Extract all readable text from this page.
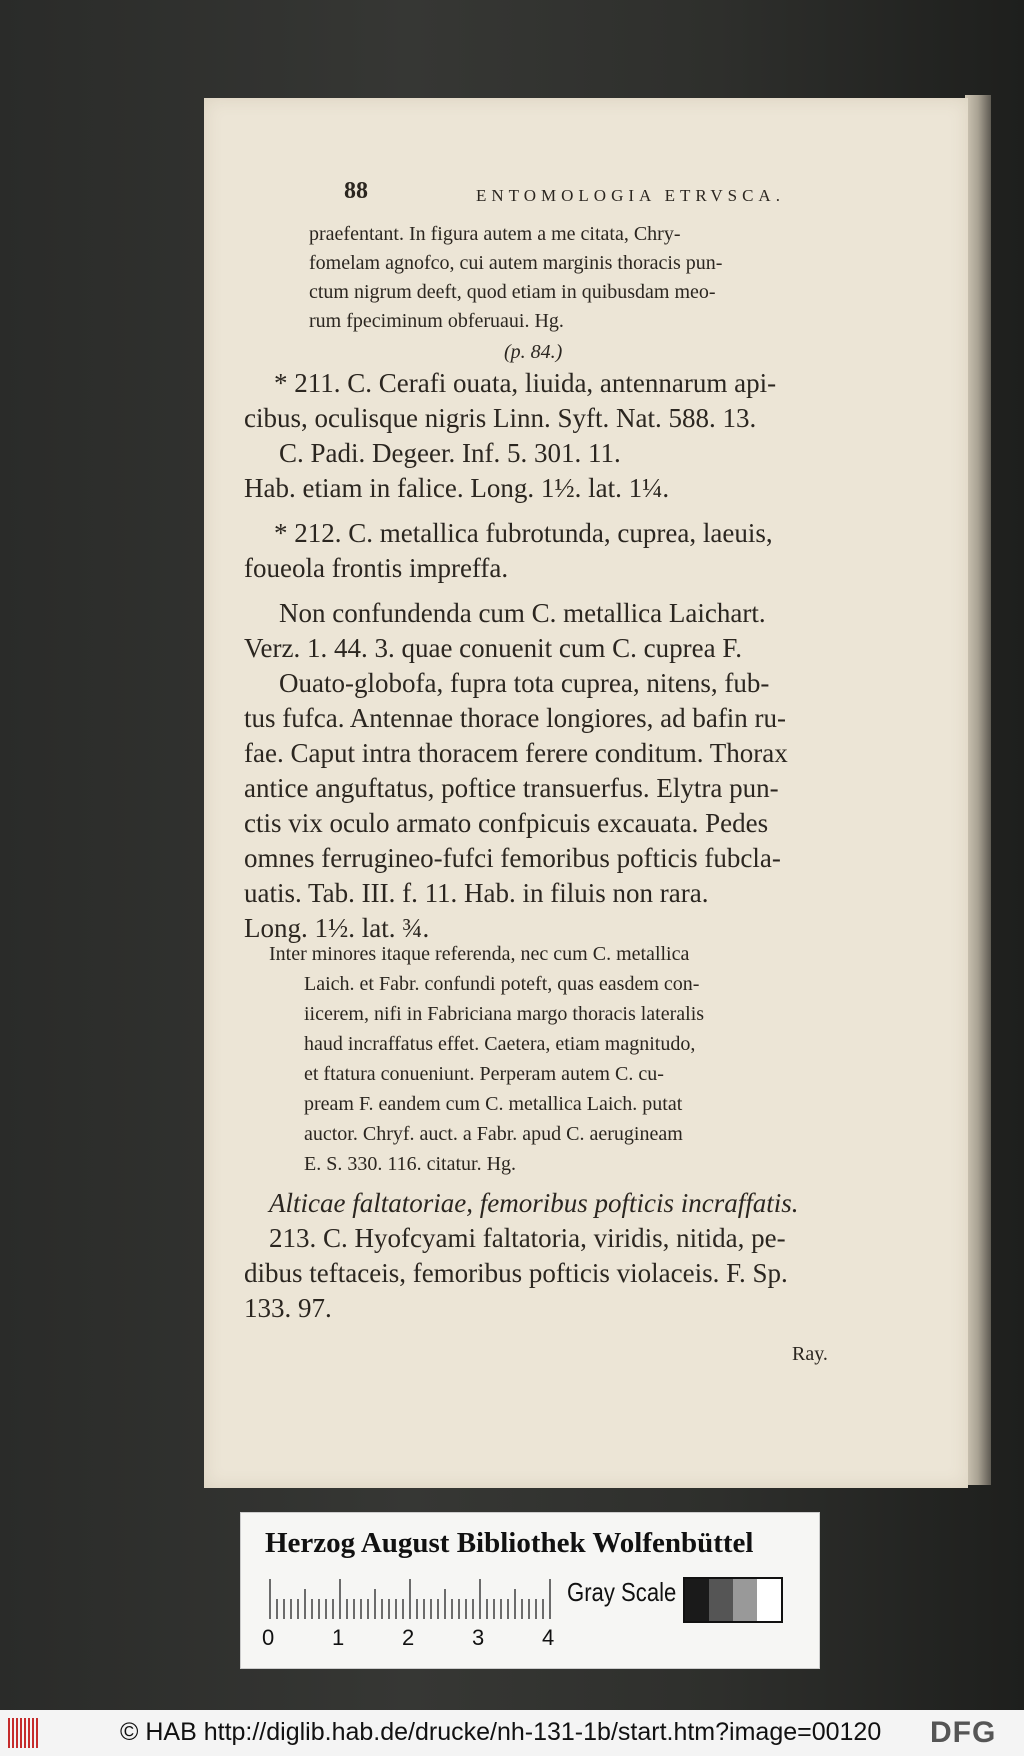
88	ENTOMOLOGIA ETRVSCA.
praefentant. In figura autem a me citata, Chry-
fomelam agnofco, cui autem marginis thoracis pun-
ctum nigrum deeft, quod etiam in quibusdam meo-
rum fpeciminum obferuaui. Hg.
(p. 84.)
* 211. C. Cerafi ouata, liuida, antennarum api-
cibus, oculisque nigris Linn. Syft. Nat. 588. 13.
C. Padi. Degeer. Inf. 5. 301. 11.
Hab. etiam in falice. Long. 1½. lat. 1¼.
* 212. C. metallica fubrotunda, cuprea, laeuis,
foueola frontis impreffa.
Non confundenda cum C. metallica Laichart.
Verz. 1. 44. 3. quae conuenit cum C. cuprea F.
Ouato-globofa, fupra tota cuprea, nitens, fub-
tus fufca. Antennae thorace longiores, ad bafin ru-
fae. Caput intra thoracem ferere conditum. Thorax
antice anguftatus, poftice transuerfus. Elytra pun-
ctis vix oculo armato confpicuis excauata. Pedes
omnes ferrugineo-fufci femoribus pofticis fubcla-
uatis. Tab. III. f. 11. Hab. in filuis non rara.
Long. 1½. lat. ¾.
Inter minores itaque referenda, nec cum C. metallica
Laich. et Fabr. confundi poteft, quas easdem con-
iicerem, nifi in Fabriciana margo thoracis lateralis
haud incraffatus effet. Caetera, etiam magnitudo,
et ftatura conueniunt. Perperam autem C. cu-
pream F. eandem cum C. metallica Laich. putat
auctor. Chryf. auct. a Fabr. apud C. aerugineam
E. S. 330. 116. citatur. Hg.
Alticae faltatoriae, femoribus pofticis incraffatis.
213. C. Hyofcyami faltatoria, viridis, nitida, pe-
dibus teftaceis, femoribus pofticis violaceis. F. Sp.
133. 97.
Ray.
Herzog August Bibliothek Wolfenbüttel
0	1	2	3	4
Gray Scale
© HAB http://diglib.hab.de/drucke/nh-131-1b/start.htm?image=00120 DFG
